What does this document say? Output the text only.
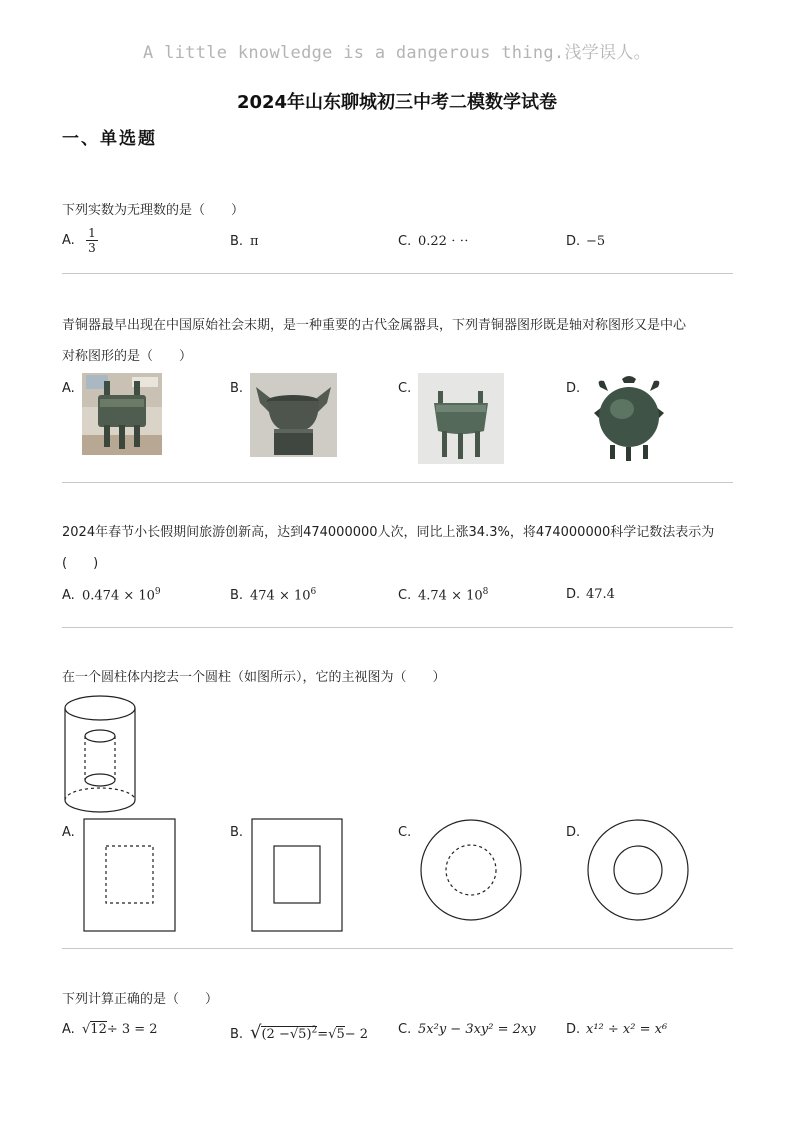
A little knowledge is a dangerous thing.浅学误人。
2024年山东聊城初三中考二模数学试卷
一、单选题
下列实数为无理数的是（　　）
A. $\frac{1}{3}$	B. π	C. 0.22 ⋅ ⋅⋅	D. −5
青铜器最早出现在中国原始社会末期，是一种重要的古代金属器具，下列青铜器图形既是轴对称图形又是中心
对称图形的是（　　）
A.	B.	C.	D.
2024年春节小长假期间旅游创新高，达到474000000人次，同比上涨34.3%，将474000000科学记数法表示为
(　　)
A. $0.474 \times 10^9$	B. $474 \times 10^6$	C. $4.74 \times 10^8$	D. 47.4
在一个圆柱体内挖去一个圆柱（如图所示），它的主视图为（　　）
A.	B.	C.	D.
下列计算正确的是（　　）
A. √12÷ 3 = 2	B. $√(2 -√5)^2=√5- 2$ C. 5x²y − 3xy² = 2xy D. x¹² ÷ x² = x⁶
